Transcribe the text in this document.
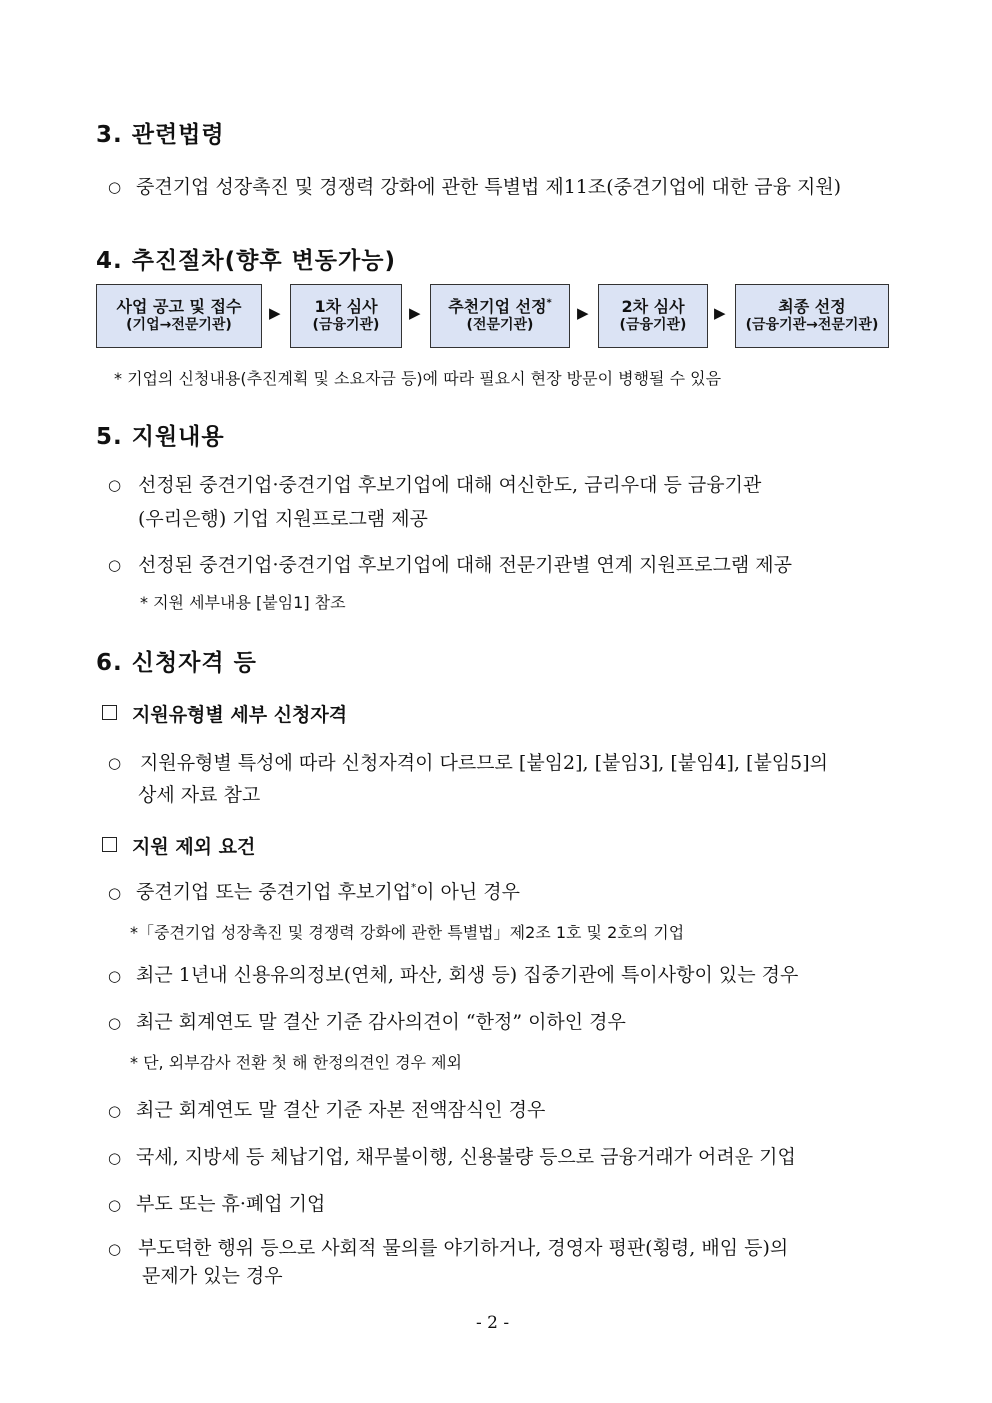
3. 관련법령
○ 중견기업 성장촉진 및 경쟁력 강화에 관한 특별법 제11조(중견기업에 대한 금융 지원)
4. 추진절차(향후 변동가능)
사업 공고 및 접수
(기업→전문기관)
▶ 1차 심사
(금융기관)
▶ 추천기업 선정*
(전문기관)
▶ 2차 심사
(금융기관)
▶	최종 선정
(금융기관→전문기관)
* 기업의 신청내용(추진계획 및 소요자금 등)에 따라 필요시 현장 방문이 병행될 수 있음
5. 지원내용
○ 선정된 중견기업·중견기업 후보기업에 대해 여신한도, 금리우대 등 금융기관
(우리은행) 기업 지원프로그램 제공
○ 선정된 중견기업·중견기업 후보기업에 대해 전문기관별 연계 지원프로그램 제공
* 지원 세부내용 [붙임1] 참조
6. 신청자격 등
지원유형별 세부 신청자격
○ 지원유형별 특성에 따라 신청자격이 다르므로 [붙임2], [붙임3], [붙임4], [붙임5]의
상세 자료 참고
지원 제외 요건
○ 중견기업 또는 중견기업 후보기업*이 아닌 경우
*「중견기업 성장촉진 및 경쟁력 강화에 관한 특별법」제2조 1호 및 2호의 기업
○ 최근 1년내 신용유의정보(연체, 파산, 회생 등) 집중기관에 특이사항이 있는 경우
○ 최근 회계연도 말 결산 기준 감사의견이 “한정” 이하인 경우
* 단, 외부감사 전환 첫 해 한정의견인 경우 제외
○ 최근 회계연도 말 결산 기준 자본 전액잠식인 경우
○ 국세, 지방세 등 체납기업, 채무불이행, 신용불량 등으로 금융거래가 어려운 기업
○ 부도 또는 휴·폐업 기업
○ 부도덕한 행위 등으로 사회적 물의를 야기하거나, 경영자 평판(횡령, 배임 등)의
문제가 있는 경우
- 2 -
